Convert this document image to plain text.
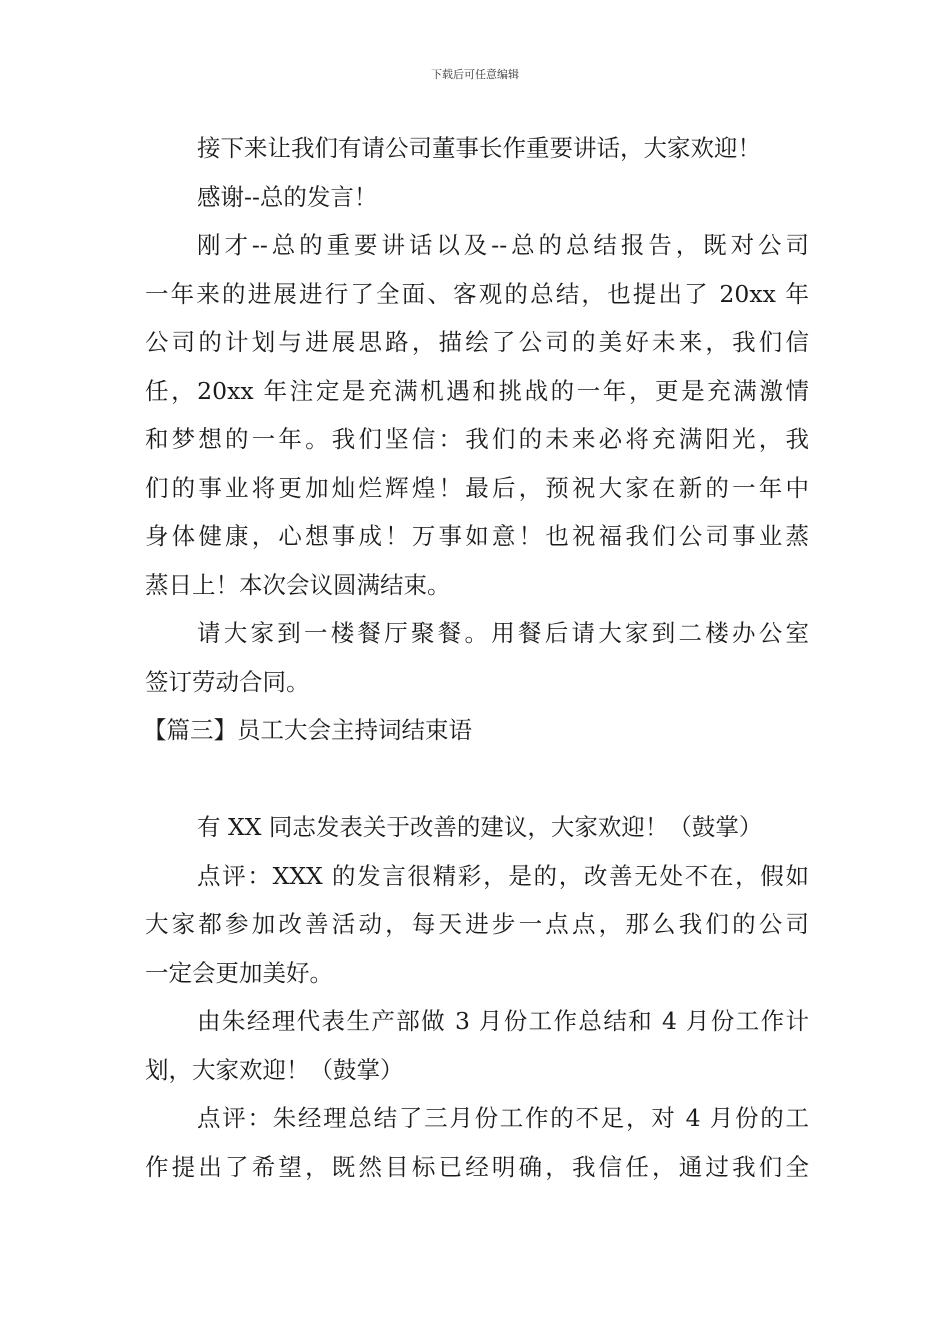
下载后可任意编辑
接下来让我们有请公司董事长作重要讲话，大家欢迎！
感谢--总的发言！
刚才--总的重要讲话以及--总的总结报告，既对公司
一年来的进展进行了全面、客观的总结，也提出了 20xx 年
公司的计划与进展思路，描绘了公司的美好未来，我们信
任，20xx 年注定是充满机遇和挑战的一年，更是充满激情
和梦想的一年。我们坚信：我们的未来必将充满阳光，我
们的事业将更加灿烂辉煌！最后，预祝大家在新的一年中
身体健康，心想事成！万事如意！也祝福我们公司事业蒸
蒸日上！本次会议圆满结束。
请大家到一楼餐厅聚餐。用餐后请大家到二楼办公室
签订劳动合同。
【篇三】员工大会主持词结束语
有 XX 同志发表关于改善的建议，大家欢迎！（鼓掌）
点评：XXX 的发言很精彩，是的，改善无处不在，假如
大家都参加改善活动，每天进步一点点，那么我们的公司
一定会更加美好。
由朱经理代表生产部做 3 月份工作总结和 4 月份工作计
划，大家欢迎！（鼓掌）
点评：朱经理总结了三月份工作的不足，对 4 月份的工
作提出了希望，既然目标已经明确，我信任，通过我们全
